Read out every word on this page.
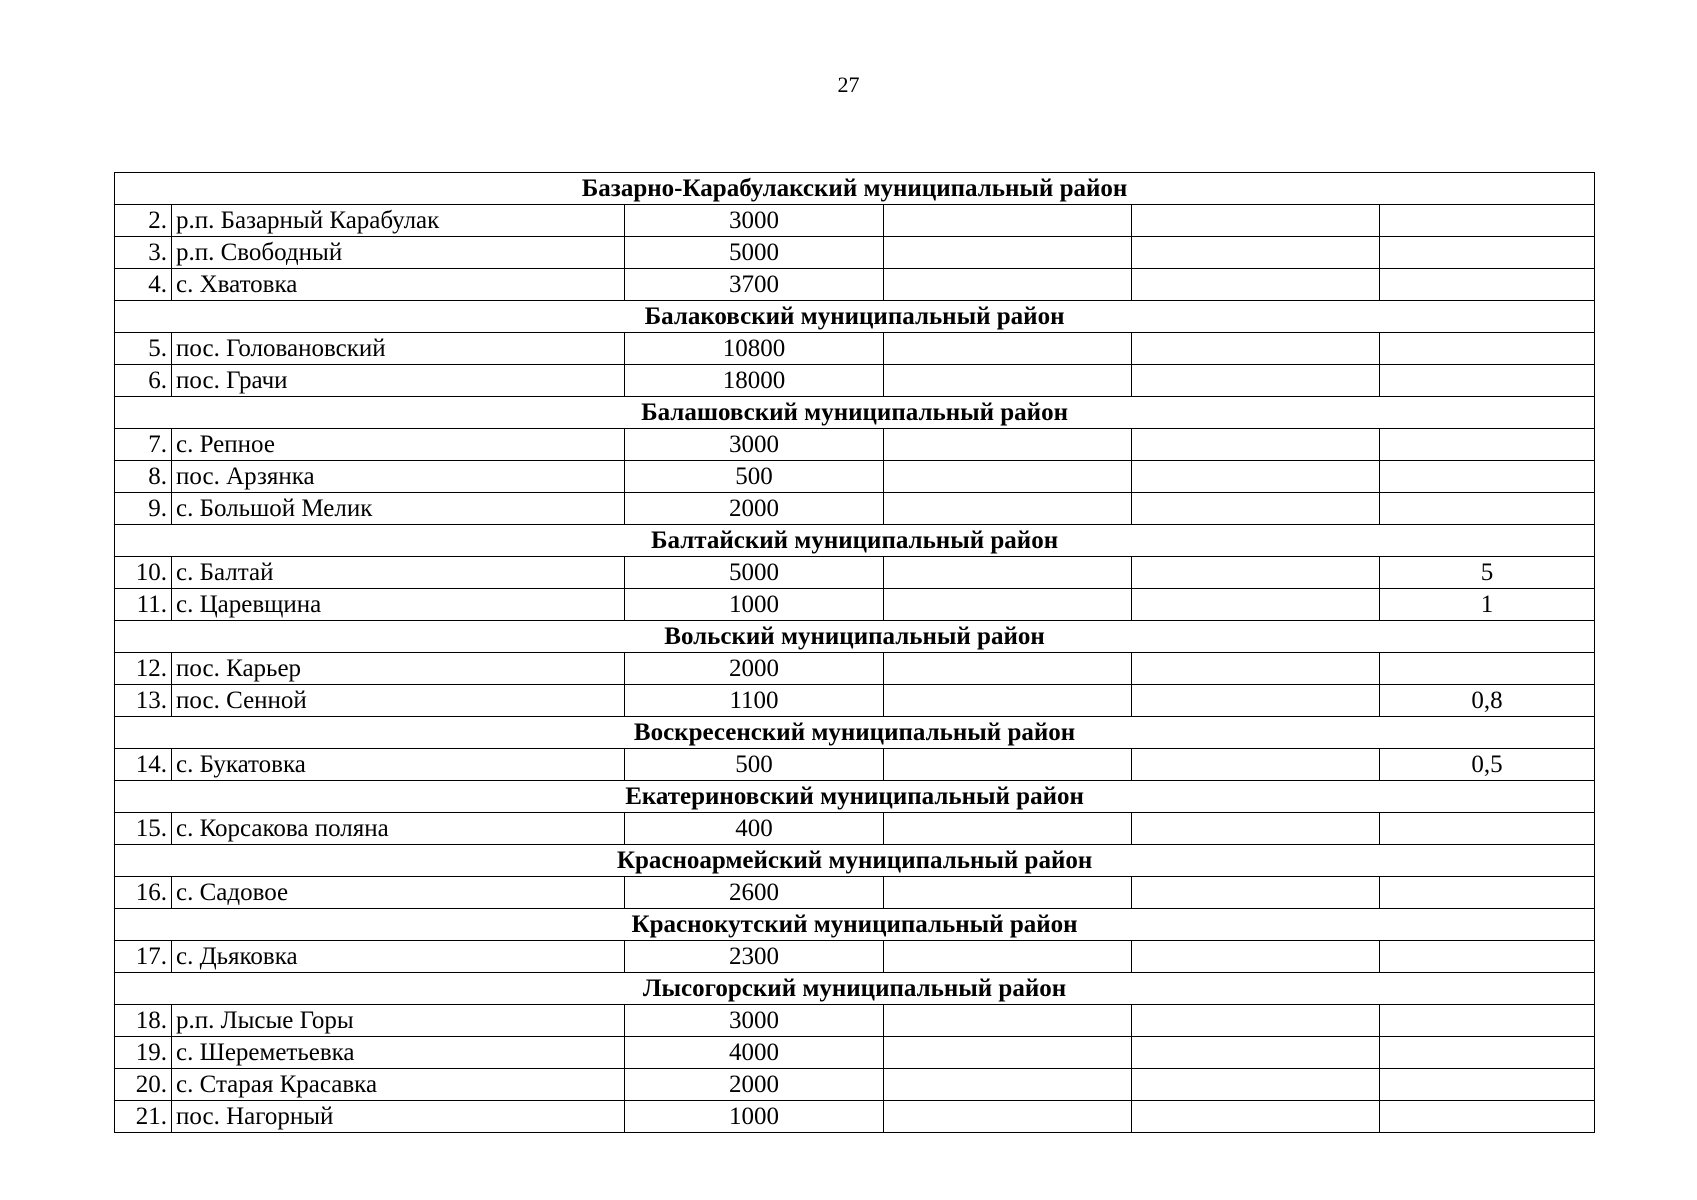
27
Базарно-Карабулакский муниципальный район					
2.	р.п. Базарный Карабулак	3000			
3.	р.п. Свободный	5000			
4.	с. Хватовка	3700			
Балаковский муниципальный район					
5.	пос. Головановский	10800			
6.	пос. Грачи	18000			
Балашовский муниципальный район					
7.	с. Репное	3000			
8.	пос. Арзянка	500			
9.	с. Большой Мелик	2000			
Балтайский муниципальный район					
10.	с. Балтай	5000			5
11.	с. Царевщина	1000			1
Вольский муниципальный район					
12.	пос. Карьер	2000			
13.	пос. Сенной	1100			0,8
Воскресенский муниципальный район					
14.	с. Букатовка	500			0,5
Екатериновский муниципальный район					
15.	с. Корсакова поляна	400			
Красноармейский муниципальный район					
16.	с. Садовое	2600			
Краснокутский муниципальный район					
17.	с. Дьяковка	2300			
Лысогорский муниципальный район					
18.	р.п. Лысые Горы	3000			
19.	с. Шереметьевка	4000			
20.	с. Старая Красавка	2000			
21.	пос. Нагорный	1000			
